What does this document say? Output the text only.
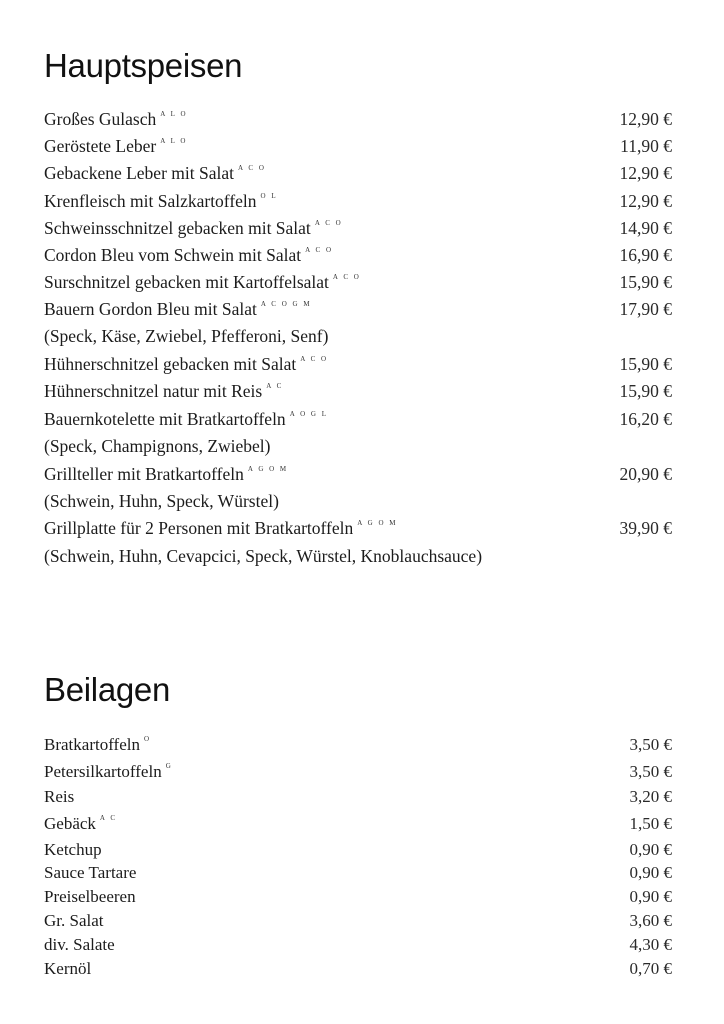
Hauptspeisen
Großes Gulasch $^{A L O}$	12,90 €
Geröstete Leber $^{A L O}$	11,90 €
Gebackene Leber mit Salat $^{A C O}$	12,90 €
Krenfleisch mit Salzkartoffeln $^{O L}$	12,90 €
Schweinsschnitzel gebacken mit Salat $^{A C O}$	14,90 €
Cordon Bleu vom Schwein mit Salat $^{A C O}$	16,90 €
Surschnitzel gebacken mit Kartoffelsalat $^{A C O}$	15,90 €
Bauern Gordon Bleu mit Salat $^{A C O G M}$	17,90 €
(Speck, Käse, Zwiebel, Pfefferoni, Senf)
Hühnerschnitzel gebacken mit Salat $^{A C O}$	15,90 €
Hühnerschnitzel natur mit Reis $^{A C}$	15,90 €
Bauernkotelette mit Bratkartoffeln $^{A O G L}$	16,20 €
(Speck, Champignons, Zwiebel)
Grillteller mit Bratkartoffeln $^{A G O M}$	20,90 €
(Schwein, Huhn, Speck, Würstel)
Grillplatte für 2 Personen mit Bratkartoffeln $^{A G O M}$	39,90 €
(Schwein, Huhn, Cevapcici, Speck, Würstel, Knoblauchsauce)
Beilagen
Bratkartoffeln $^O$	3,50 €
Petersilkartoffeln $^G$	3,50 €
Reis	3,20 €
Gebäck $^{A C}$	1,50 €
Ketchup	0,90 €
Sauce Tartare	0,90 €
Preiselbeeren	0,90 €
Gr. Salat	3,60 €
div. Salate	4,30 €
Kernöl	0,70 €
